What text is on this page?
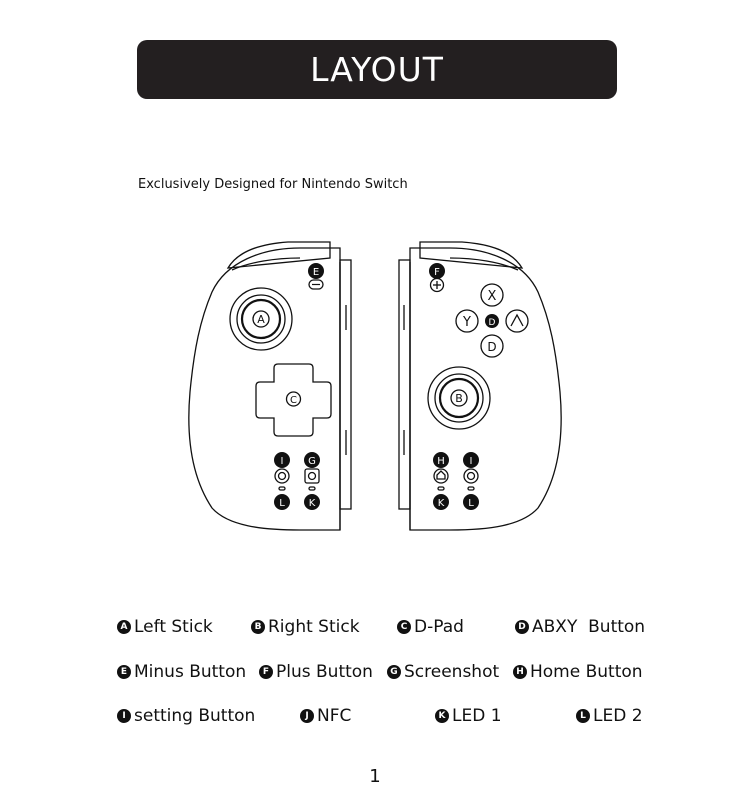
LAYOUT
Exclusively Designed for Nintendo Switch
A
C
X
Y
D
D
B
E	F
I G
L K
H I
K L
A Left Stick	B Right Stick	C D-Pad	D ABXY  Button
E Minus Button	F Plus Button	G Screenshot	H Home Button
I setting Button	J NFC	K LED 1	L LED 2
1
